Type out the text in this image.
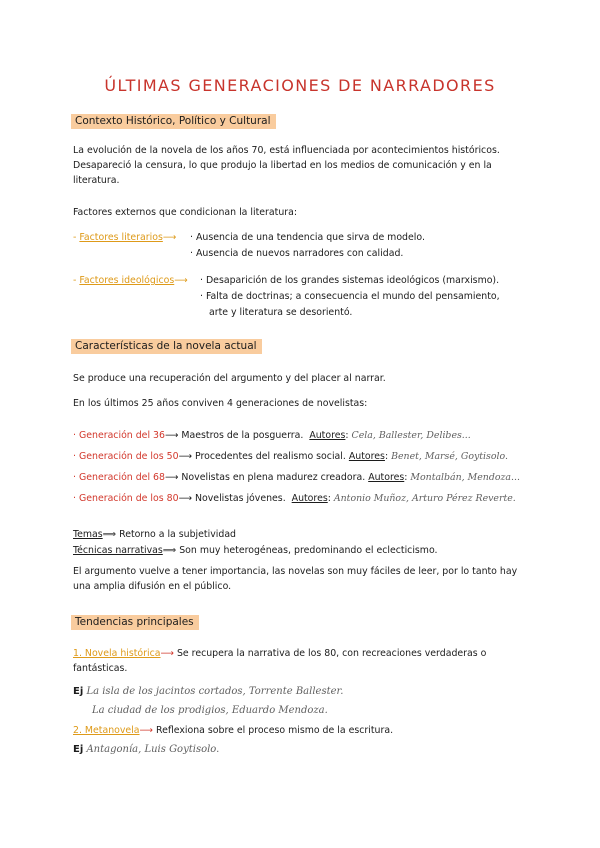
ÚLTIMAS GENERACIONES DE NARRADORES
Contexto Histórico, Político y Cultural
La evolución de la novela de los años 70, está influenciada por acontecimientos históricos. Desapareció la censura, lo que produjo la libertad en los medios de comunicación y en la literatura.
Factores externos que condicionan la literatura:
- Factores literarios⟶ · Ausencia de una tendencia que sirva de modelo.
· Ausencia de nuevos narradores con calidad.
- Factores ideológicos⟶ · Desaparición de los grandes sistemas ideológicos (marxismo).
· Falta de doctrinas; a consecuencia el mundo del pensamiento,
arte y literatura se desorientó.
Características de la novela actual
Se produce una recuperación del argumento y del placer al narrar.
En los últimos 25 años conviven 4 generaciones de novelistas:
· Generación del 36⟶ Maestros de la posguerra. Autores: Cela, Ballester, Delibes...
· Generación de los 50⟶ Procedentes del realismo social. Autores: Benet, Marsé, Goytisolo.
· Generación del 68⟶ Novelistas en plena madurez creadora. Autores: Montalbán, Mendoza...
· Generación de los 80⟶ Novelistas jóvenes. Autores: Antonio Muñoz, Arturo Pérez Reverte.
Temas⟹ Retorno a la subjetividad
Técnicas narrativas⟹ Son muy heterogéneas, predominando el eclecticismo.
El argumento vuelve a tener importancia, las novelas son muy fáciles de leer, por lo tanto hay una amplia difusión en el público.
Tendencias principales
1. Novela histórica⟶ Se recupera la narrativa de los 80, con recreaciones verdaderas o fantásticas.
Ej La isla de los jacintos cortados, Torrente Ballester.
La ciudad de los prodigios, Eduardo Mendoza.
2. Metanovela⟶ Reflexiona sobre el proceso mismo de la escritura.
Ej Antagonía, Luis Goytisolo.
